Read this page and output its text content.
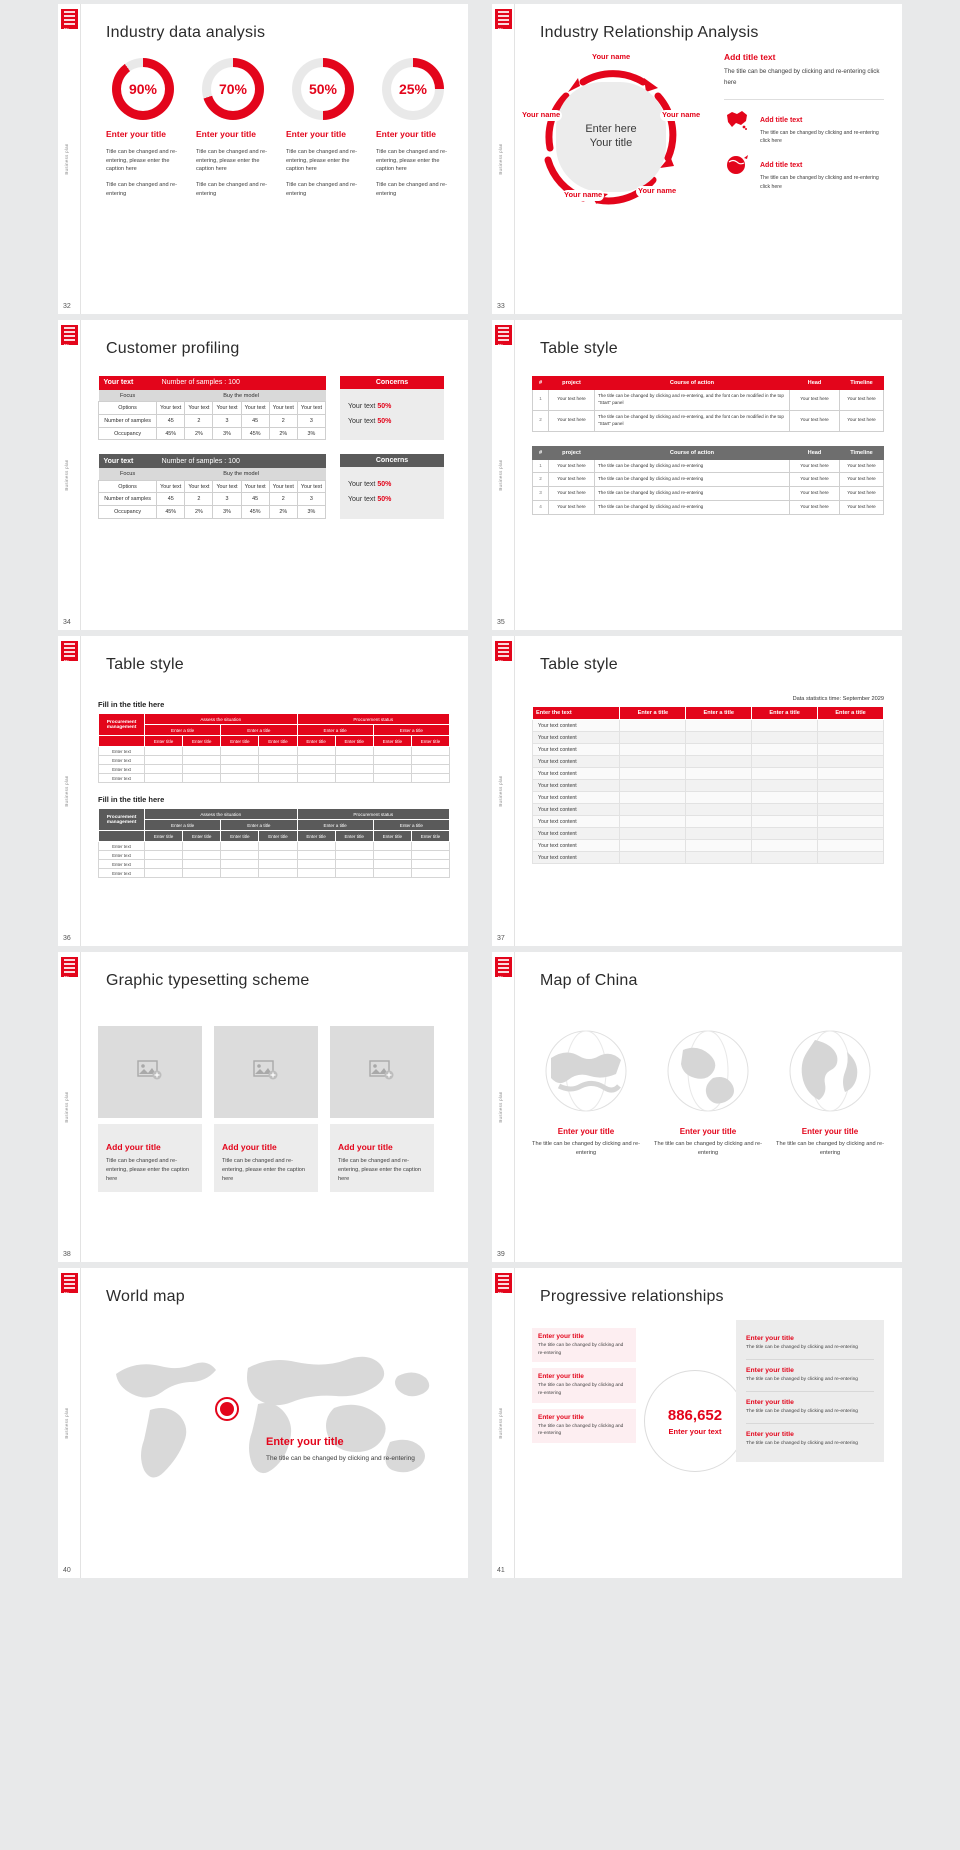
MV
Business plan
32
Industry data analysis
90%
Enter your title
Title can be changed and re-entering, please enter the caption here
Title can be changed and re-entering
70%
Enter your title
Title can be changed and re-entering, please enter the caption here
Title can be changed and re-entering
50%
Enter your title
Title can be changed and re-entering, please enter the caption here
Title can be changed and re-entering
25%
Enter your title
Title can be changed and re-entering, please enter the caption here
Title can be changed and re-entering
MV
Business plan
33
Industry Relationship Analysis
Enter here
Your title
Your name
Your name
Your name
Your name
Your name
Add title text
The title can be changed by clicking and re-entering click here
Add title text
The title can be changed by clicking and re-entering click here
Add title text
The title can be changed by clicking and re-entering click here
MV
Business plan
34
Customer profiling
Your text	Number of samples : 100					
Focus	Buy the model					
Options	Your text	Your text	Your text	Your text	Your text	Your text
Number of samples	45	2	3	45	2	3
Occupancy	45%	2%	3%	45%	2%	3%
Concerns
Your text 50%
Your text 50%
Your text	Number of samples : 100					
Focus	Buy the model					
Options	Your text	Your text	Your text	Your text	Your text	Your text
Number of samples	45	2	3	45	2	3
Occupancy	45%	2%	3%	45%	2%	3%
Concerns
Your text 50%
Your text 50%
MV
Business plan
35
Table style
#	project	Course of action	Head	Timeline
1	Your text here	The title can be changed by clicking and re-entering, and the font can be modified in the top "Start" panel	Your text here	Your text here
2	Your text here	The title can be changed by clicking and re-entering, and the font can be modified in the top "Start" panel	Your text here	Your text here
#	project	Course of action	Head	Timeline
1	Your text here	The title can be changed by clicking and re-entering	Your text here	Your text here
2	Your text here	The title can be changed by clicking and re-entering	Your text here	Your text here
3	Your text here	The title can be changed by clicking and re-entering	Your text here	Your text here
4	Your text here	The title can be changed by clicking and re-entering	Your text here	Your text here
MV
Business plan
36
Table style
Fill in the title here
Procurement management	Assess the situation				Procurement status			
	Enter a title		Enter a title		Enter a title		Enter a title	
	Enter title	Enter title	Enter title	Enter title	Enter title	Enter title	Enter title	Enter title
Enter text								
Enter text								
Enter text								
Enter text								
Fill in the title here
Procurement management	Assess the situation				Procurement status			
	Enter a title		Enter a title		Enter a title		Enter a title	
	Enter title	Enter title	Enter title	Enter title	Enter title	Enter title	Enter title	Enter title
Enter text								
Enter text								
Enter text								
Enter text								
MV
Business plan
37
Table style
Data statistics time: September 2029
Enter the text	Enter a title	Enter a title	Enter a title	Enter a title
Your text content				
Your text content				
Your text content				
Your text content				
Your text content				
Your text content				
Your text content				
Your text content				
Your text content				
Your text content				
Your text content				
Your text content				
MV
Business plan
38
Graphic typesetting scheme
Add your title
Title can be changed and re-entering, please enter the caption here
Add your title
Title can be changed and re-entering, please enter the caption here
Add your title
Title can be changed and re-entering, please enter the caption here
MV
Business plan
39
Map of China
Enter your title
The title can be changed by clicking and re-entering
Enter your title
The title can be changed by clicking and re-entering
Enter your title
The title can be changed by clicking and re-entering
MV
Business plan
40
World map
Enter your title
The title can be changed by clicking and re-entering
MV
Business plan
41
Progressive relationships
Enter your title
The title can be changed by clicking and re-entering
Enter your title
The title can be changed by clicking and re-entering
Enter your title
The title can be changed by clicking and re-entering
886,652
Enter your text
Enter your title
The title can be changed by clicking and re-entering
Enter your title
The title can be changed by clicking and re-entering
Enter your title
The title can be changed by clicking and re-entering
Enter your title
The title can be changed by clicking and re-entering
